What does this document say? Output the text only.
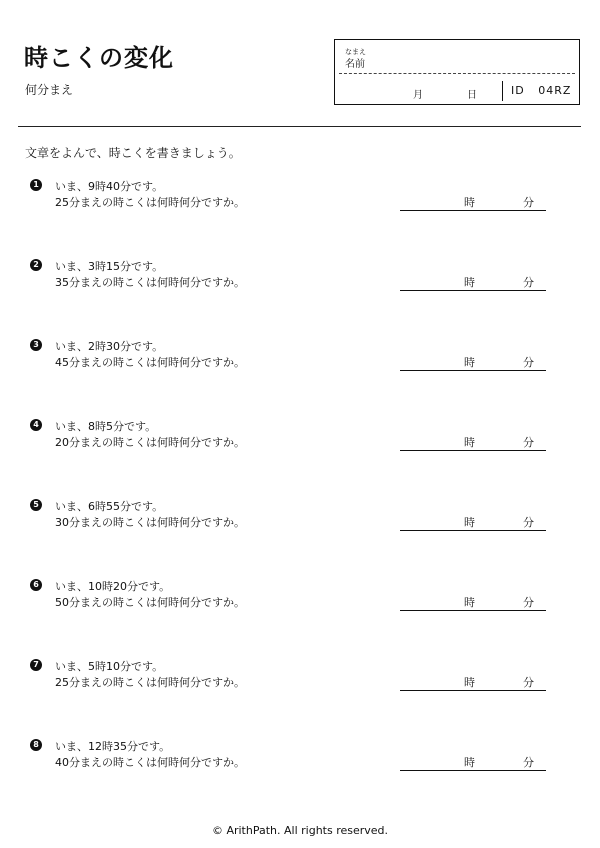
時こくの変化
何分まえ
なまえ
名前
月	日	ID 04RZ
文章をよんで、時こくを書きましょう。
1 いま、9時40分です。
25分まえの時こくは何時何分ですか。	時	分
2 いま、3時15分です。
35分まえの時こくは何時何分ですか。	時	分
3 いま、2時30分です。
45分まえの時こくは何時何分ですか。	時	分
4 いま、8時5分です。
20分まえの時こくは何時何分ですか。	時	分
5 いま、6時55分です。
30分まえの時こくは何時何分ですか。	時	分
6 いま、10時20分です。
50分まえの時こくは何時何分ですか。	時	分
7 いま、5時10分です。
25分まえの時こくは何時何分ですか。	時	分
8 いま、12時35分です。
40分まえの時こくは何時何分ですか。	時	分
© ArithPath. All rights reserved.
